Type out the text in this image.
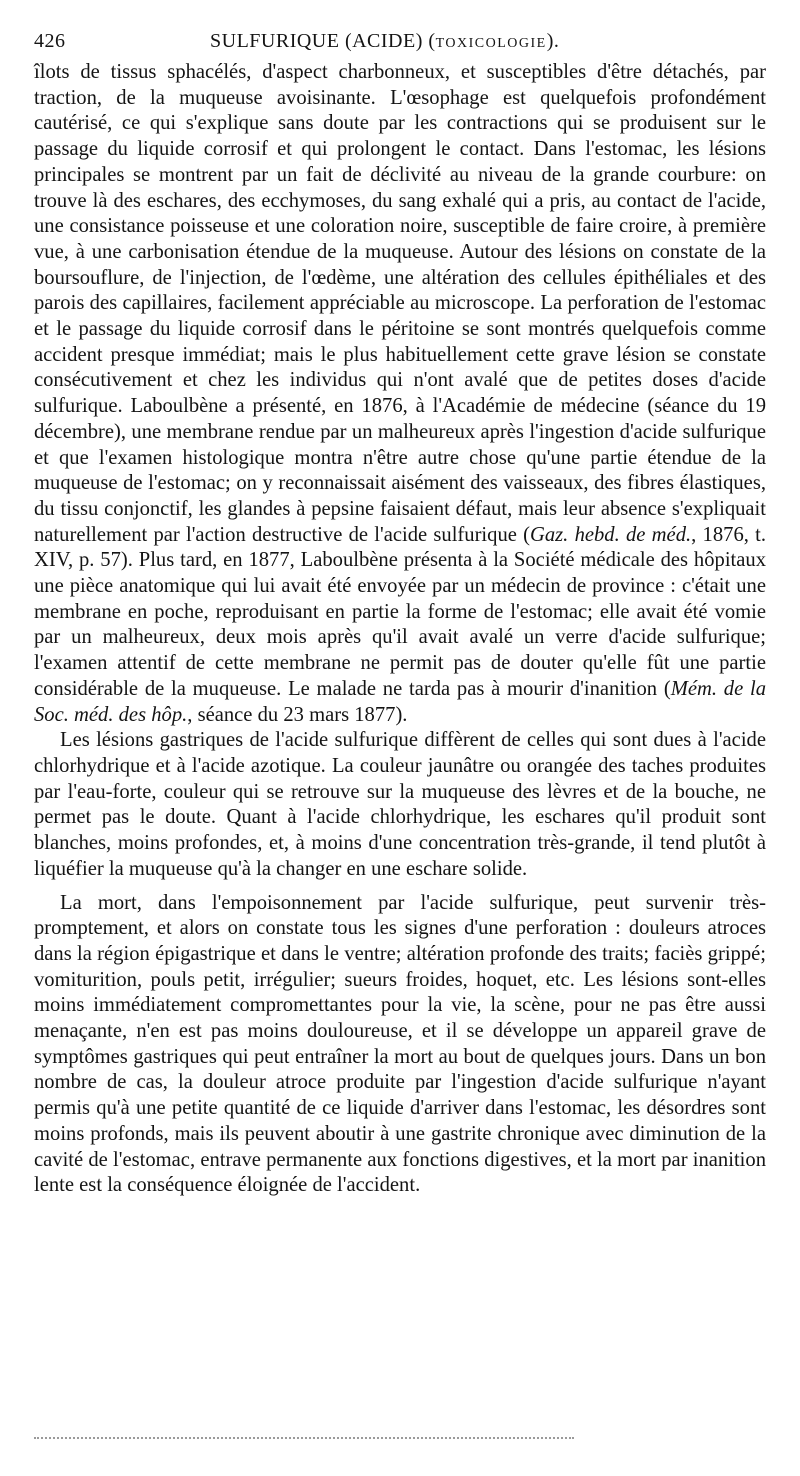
426	SULFURIQUE (ACIDE) (toxicologie).

îlots de tissus sphacélés, d'aspect charbonneux, et susceptibles d'être détachés, par traction, de la muqueuse avoisinante. L'œsophage est quelquefois profondément cautérisé, ce qui s'explique sans doute par les contractions qui se produisent sur le passage du liquide corrosif et qui prolongent le contact. Dans l'estomac, les lésions principales se montrent par un fait de déclivité au niveau de la grande courbure: on trouve là des eschares, des ecchymoses, du sang exhalé qui a pris, au contact de l'acide, une consistance poisseuse et une coloration noire, susceptible de faire croire, à première vue, à une carbonisation étendue de la muqueuse. Autour des lésions on constate de la boursouflure, de l'injection, de l'œdème, une altération des cellules épithéliales et des parois des capillaires, facilement appréciable au microscope. La perforation de l'estomac et le passage du liquide corrosif dans le péritoine se sont montrés quelquefois comme accident presque immédiat; mais le plus habituellement cette grave lésion se constate consécutivement et chez les individus qui n'ont avalé que de petites doses d'acide sulfurique. Laboulbène a présenté, en 1876, à l'Académie de médecine (séance du 19 décembre), une membrane rendue par un malheureux après l'ingestion d'acide sulfurique et que l'examen histologique montra n'être autre chose qu'une partie étendue de la muqueuse de l'estomac; on y reconnaissait aisément des vaisseaux, des fibres élastiques, du tissu conjonctif, les glandes à pepsine faisaient défaut, mais leur absence s'expliquait naturellement par l'action destructive de l'acide sulfurique (Gaz. hebd. de méd., 1876, t. XIV, p. 57). Plus tard, en 1877, Laboulbène présenta à la Société médicale des hôpitaux une pièce anatomique qui lui avait été envoyée par un médecin de province : c'était une membrane en poche, reproduisant en partie la forme de l'estomac; elle avait été vomie par un malheureux, deux mois après qu'il avait avalé un verre d'acide sulfurique; l'examen attentif de cette membrane ne permit pas de douter qu'elle fût une partie considérable de la muqueuse. Le malade ne tarda pas à mourir d'inanition (Mém. de la Soc. méd. des hôp., séance du 23 mars 1877).

Les lésions gastriques de l'acide sulfurique diffèrent de celles qui sont dues à l'acide chlorhydrique et à l'acide azotique. La couleur jaunâtre ou orangée des taches produites par l'eau-forte, couleur qui se retrouve sur la muqueuse des lèvres et de la bouche, ne permet pas le doute. Quant à l'acide chlorhydrique, les eschares qu'il produit sont blanches, moins profondes, et, à moins d'une concentration très-grande, il tend plutôt à liquéfier la muqueuse qu'à la changer en une eschare solide.

La mort, dans l'empoisonnement par l'acide sulfurique, peut survenir très-promptement, et alors on constate tous les signes d'une perforation : douleurs atroces dans la région épigastrique et dans le ventre; altération profonde des traits; faciès grippé; vomiturition, pouls petit, irrégulier; sueurs froides, hoquet, etc. Les lésions sont-elles moins immédiatement compromettantes pour la vie, la scène, pour ne pas être aussi menaçante, n'en est pas moins douloureuse, et il se développe un appareil grave de symptômes gastriques qui peut entraîner la mort au bout de quelques jours. Dans un bon nombre de cas, la douleur atroce produite par l'ingestion d'acide sulfurique n'ayant permis qu'à une petite quantité de ce liquide d'arriver dans l'estomac, les désordres sont moins profonds, mais ils peuvent aboutir à une gastrite chronique avec diminution de la cavité de l'estomac, entrave permanente aux fonctions digestives, et la mort par inanition lente est la conséquence éloignée de l'accident.
